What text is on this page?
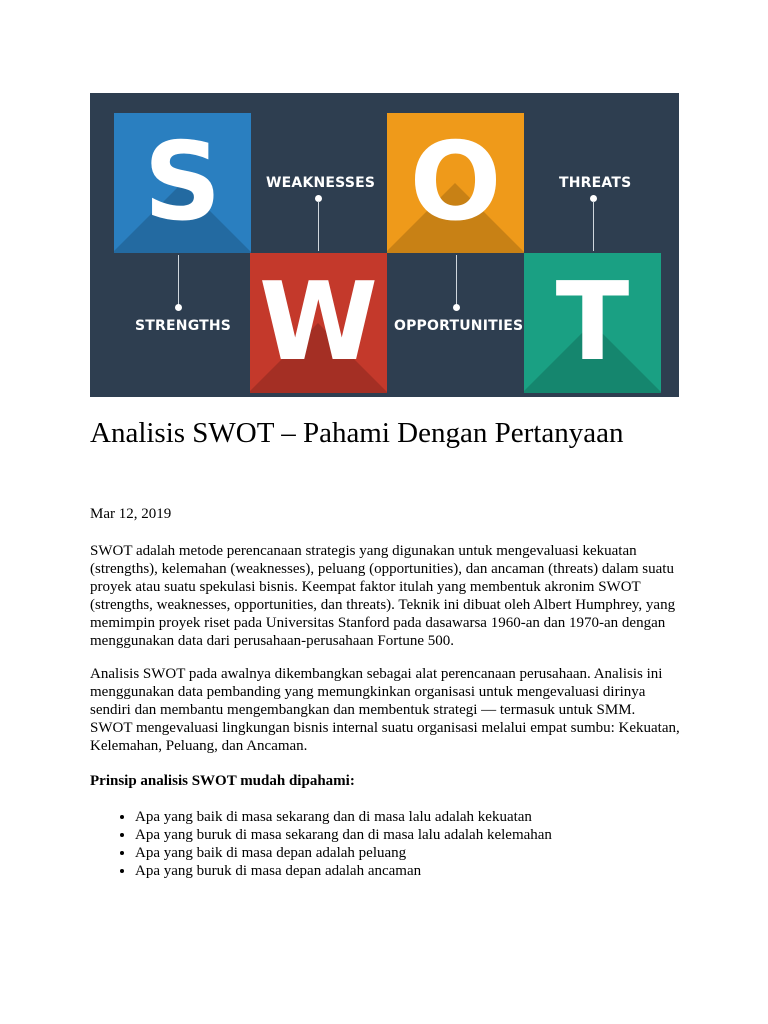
S O
W T
WEAKNESSES	THREATS
STRENGTHS	OPPORTUNITIES
Analisis SWOT – Pahami Dengan Pertanyaan
Mar 12, 2019

SWOT adalah metode perencanaan strategis yang digunakan untuk mengevaluasi kekuatan (strengths), kelemahan (weaknesses), peluang (opportunities), dan ancaman (threats) dalam suatu proyek atau suatu spekulasi bisnis. Keempat faktor itulah yang membentuk akronim SWOT (strengths, weaknesses, opportunities, dan threats). Teknik ini dibuat oleh Albert Humphrey, yang memimpin proyek riset pada Universitas Stanford pada dasawarsa 1960-an dan 1970-an dengan menggunakan data dari perusahaan-perusahaan Fortune 500.

Analisis SWOT pada awalnya dikembangkan sebagai alat perencanaan perusahaan. Analisis ini menggunakan data pembanding yang memungkinkan organisasi untuk mengevaluasi dirinya sendiri dan membantu mengembangkan dan membentuk strategi — termasuk untuk SMM. SWOT mengevaluasi lingkungan bisnis internal suatu organisasi melalui empat sumbu: Kekuatan, Kelemahan, Peluang, dan Ancaman.

Prinsip analisis SWOT mudah dipahami:

• Apa yang baik di masa sekarang dan di masa lalu adalah kekuatan
• Apa yang buruk di masa sekarang dan di masa lalu adalah kelemahan
• Apa yang baik di masa depan adalah peluang
• Apa yang buruk di masa depan adalah ancaman
